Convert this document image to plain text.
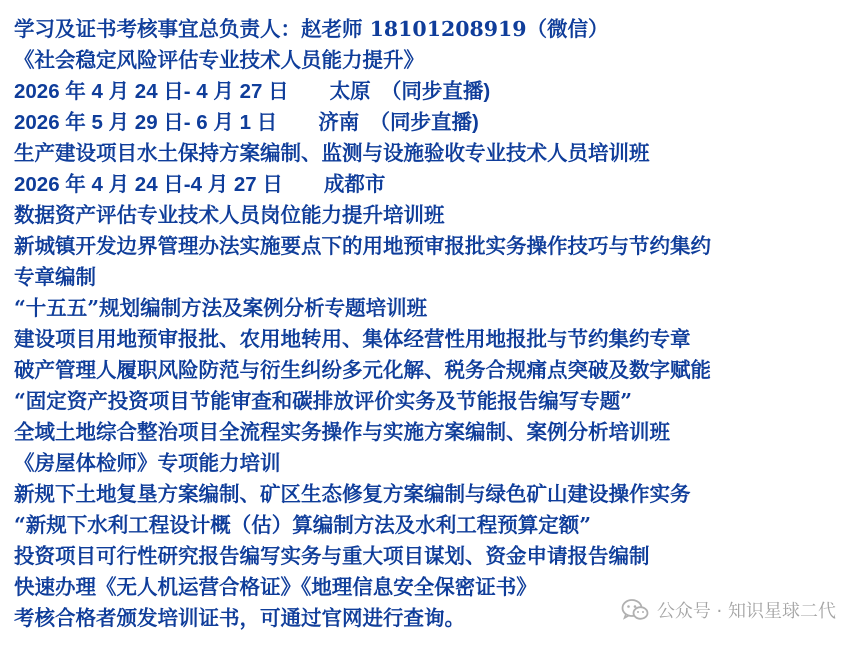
学习及证书考核事宜总负责人：赵老师 18101208919（微信）
《社会稳定风险评估专业技术人员能力提升》
2026 年 4 月 24 日- 4 月 27 日　　太原　（同步直播)
2026 年 5 月 29 日- 6 月 1 日　　济南　（同步直播)
生产建设项目水土保持方案编制、监测与设施验收专业技术人员培训班
2026 年 4 月 24 日-4 月 27 日　　成都市
数据资产评估专业技术人员岗位能力提升培训班
新城镇开发边界管理办法实施要点下的用地预审报批实务操作技巧与节约集约
专章编制
“十五五”规划编制方法及案例分析专题培训班
建设项目用地预审报批、农用地转用、集体经营性用地报批与节约集约专章
破产管理人履职风险防范与衍生纠纷多元化解、税务合规痛点突破及数字赋能
“固定资产投资项目节能审查和碳排放评价实务及节能报告编写专题”
全域土地综合整治项目全流程实务操作与实施方案编制、案例分析培训班
《房屋体检师》专项能力培训
新规下土地复垦方案编制、矿区生态修复方案编制与绿色矿山建设操作实务
“新规下水利工程设计概（估）算编制方法及水利工程预算定额”
投资项目可行性研究报告编写实务与重大项目谋划、资金申请报告编制
快速办理《无人机运营合格证》《地理信息安全保密证书》
考核合格者颁发培训证书，可通过官网进行查询。	公众号 · 知识星球二代
